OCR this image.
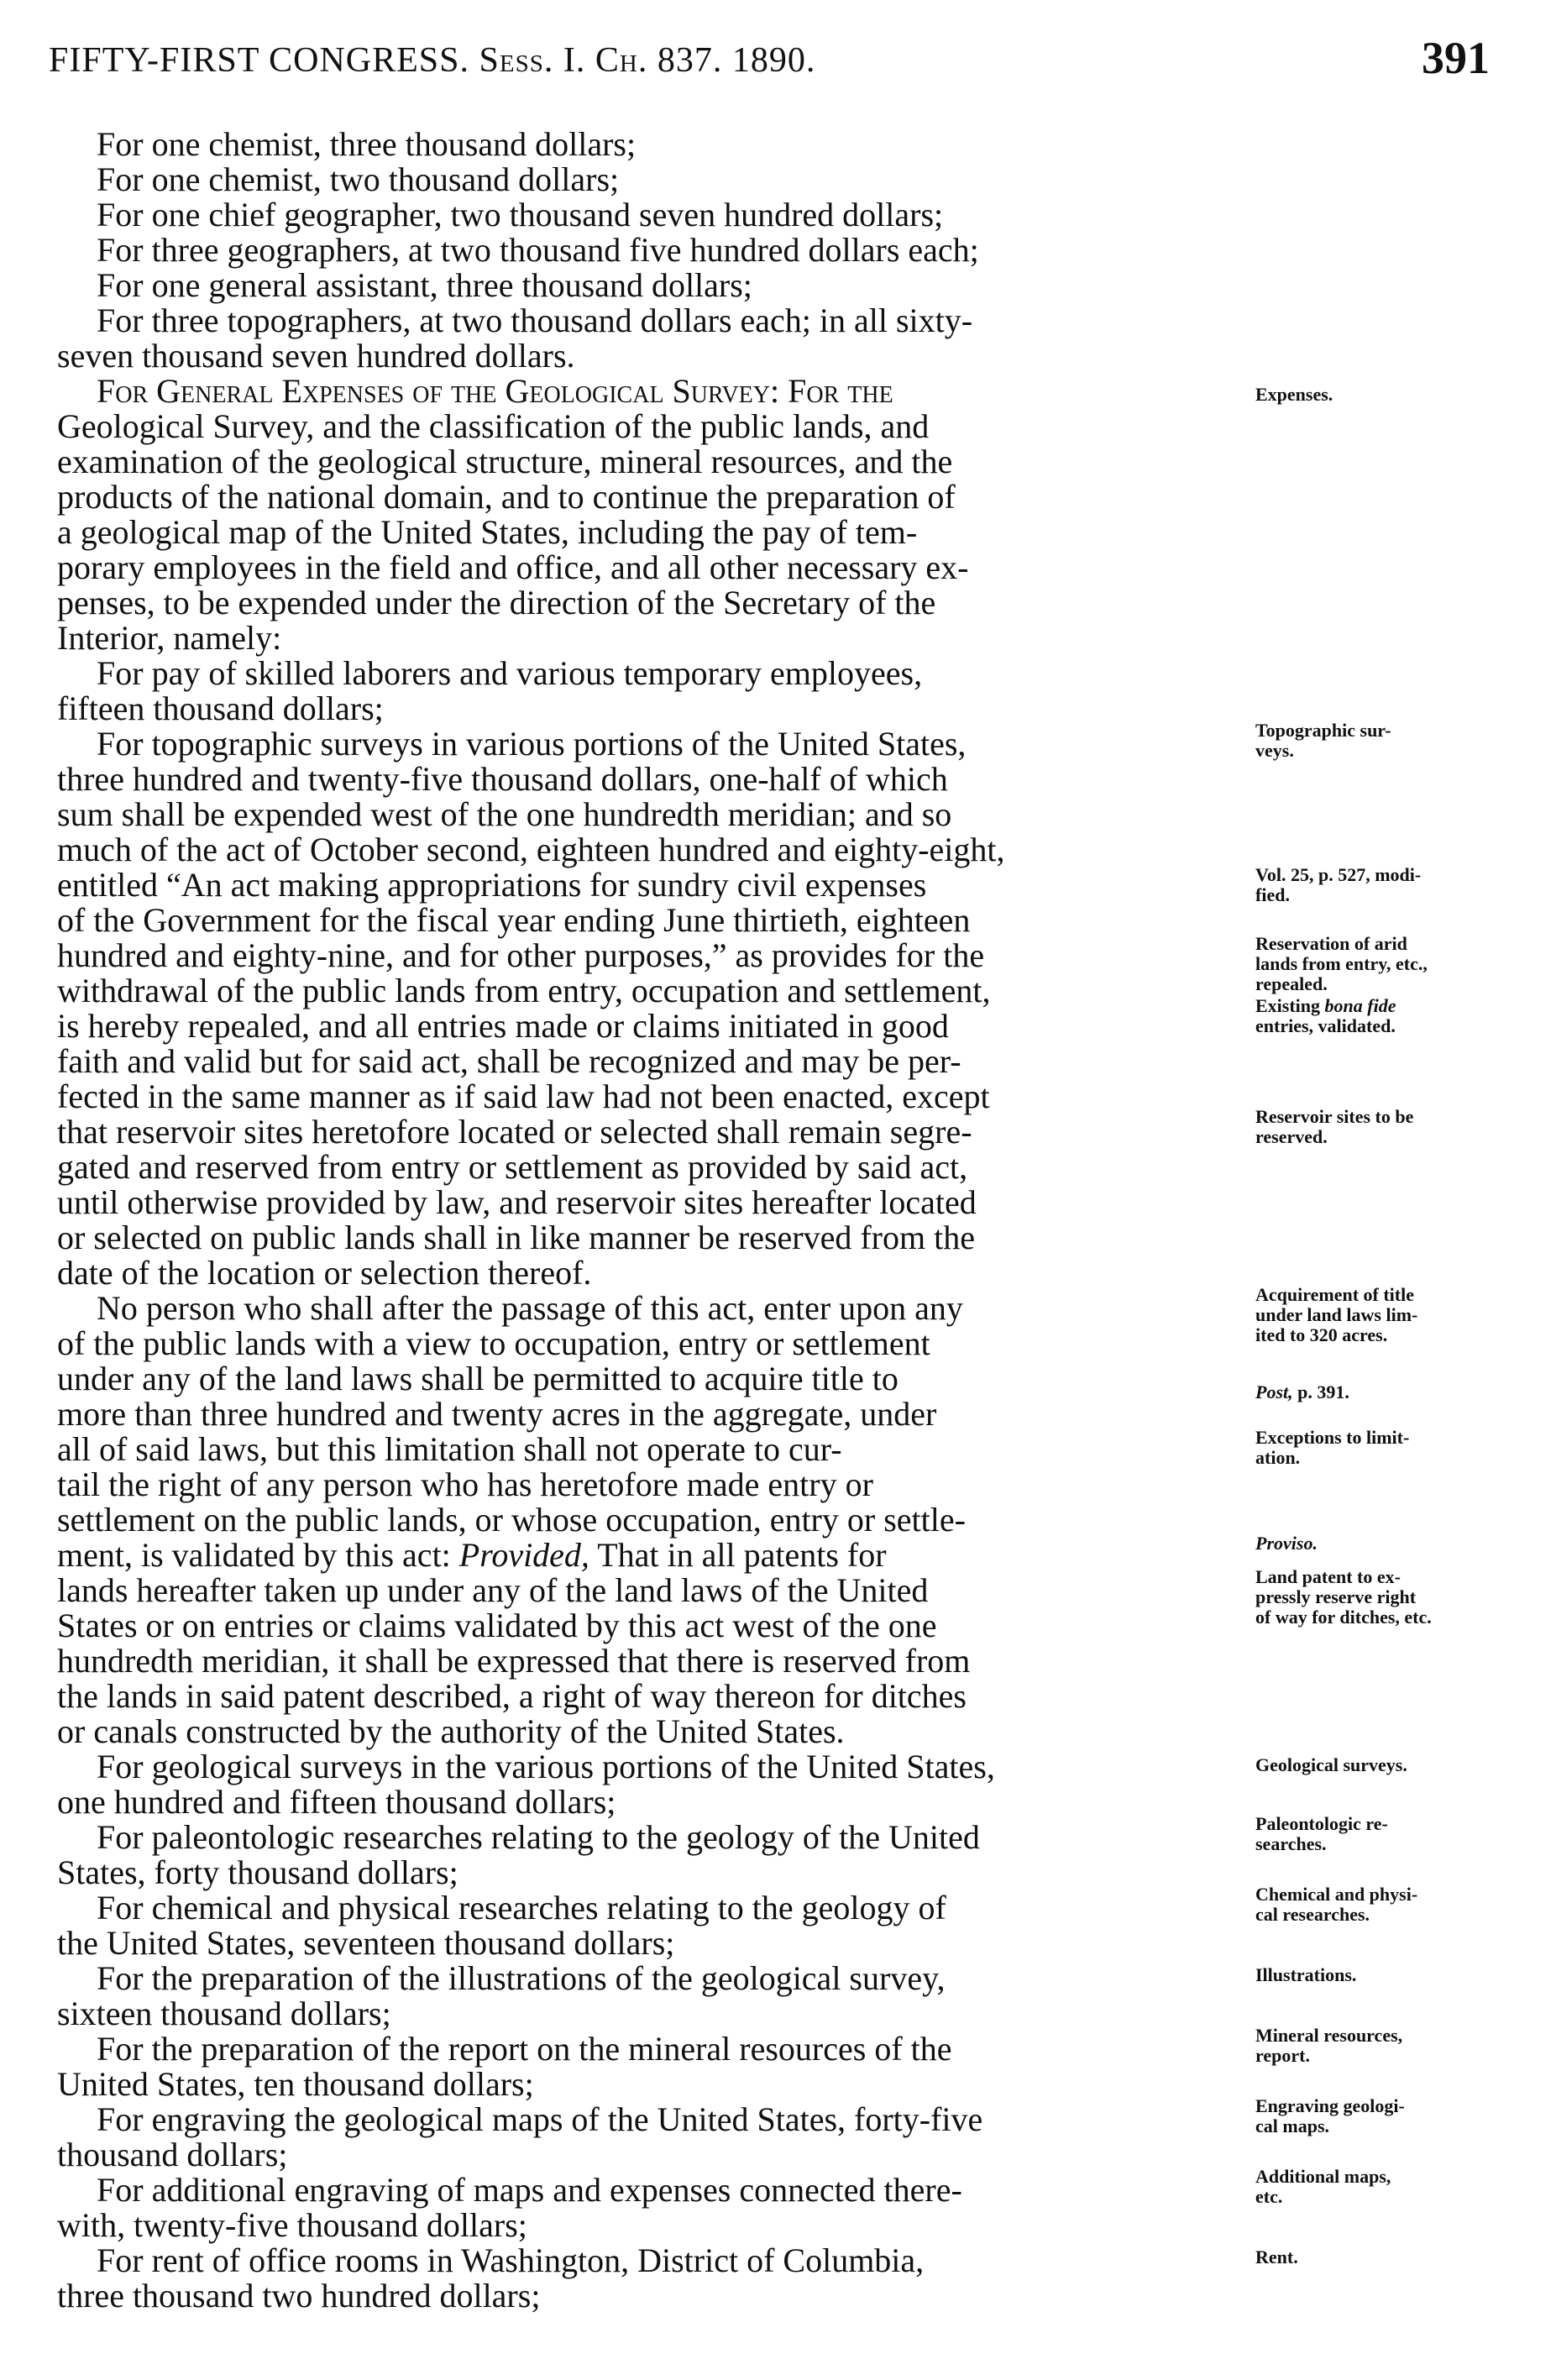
FIFTY-FIRST CONGRESS. Sess. I. Ch. 837. 1890.	391
For one chemist, three thousand dollars;
For one chemist, two thousand dollars;
For one chief geographer, two thousand seven hundred dollars;
For three geographers, at two thousand five hundred dollars each;
For one general assistant, three thousand dollars;
For three topographers, at two thousand dollars each; in all sixty-
seven thousand seven hundred dollars.
For General Expenses of the Geological Survey: For the
Geological Survey, and the classification of the public lands, and
examination of the geological structure, mineral resources, and the
products of the national domain, and to continue the preparation of
a geological map of the United States, including the pay of tem-
porary employees in the field and office, and all other necessary ex-
penses, to be expended under the direction of the Secretary of the
Interior, namely:
For pay of skilled laborers and various temporary employees,
fifteen thousand dollars;
For topographic surveys in various portions of the United States,
three hundred and twenty-five thousand dollars, one-half of which
sum shall be expended west of the one hundredth meridian; and so
much of the act of October second, eighteen hundred and eighty-eight,
entitled “An act making appropriations for sundry civil expenses
of the Government for the fiscal year ending June thirtieth, eighteen
hundred and eighty-nine, and for other purposes,” as provides for the
withdrawal of the public lands from entry, occupation and settlement,
is hereby repealed, and all entries made or claims initiated in good
faith and valid but for said act, shall be recognized and may be per-
fected in the same manner as if said law had not been enacted, except
that reservoir sites heretofore located or selected shall remain segre-
gated and reserved from entry or settlement as provided by said act,
until otherwise provided by law, and reservoir sites hereafter located
or selected on public lands shall in like manner be reserved from the
date of the location or selection thereof.
No person who shall after the passage of this act, enter upon any
of the public lands with a view to occupation, entry or settlement
under any of the land laws shall be permitted to acquire title to
more than three hundred and twenty acres in the aggregate, under
all of said laws, but this limitation shall not operate to cur-
tail the right of any person who has heretofore made entry or
settlement on the public lands, or whose occupation, entry or settle-
ment, is validated by this act: Provided, That in all patents for
lands hereafter taken up under any of the land laws of the United
States or on entries or claims validated by this act west of the one
hundredth meridian, it shall be expressed that there is reserved from
the lands in said patent described, a right of way thereon for ditches
or canals constructed by the authority of the United States.
For geological surveys in the various portions of the United States,
one hundred and fifteen thousand dollars;
For paleontologic researches relating to the geology of the United
States, forty thousand dollars;
For chemical and physical researches relating to the geology of
the United States, seventeen thousand dollars;
For the preparation of the illustrations of the geological survey,
sixteen thousand dollars;
For the preparation of the report on the mineral resources of the
United States, ten thousand dollars;
For engraving the geological maps of the United States, forty-five
thousand dollars;
For additional engraving of maps and expenses connected there-
with, twenty-five thousand dollars;
For rent of office rooms in Washington, District of Columbia,
three thousand two hundred dollars;
Expenses.
Topographic sur-
veys.
Vol. 25, p. 527, modi-
fied.
Reservation of arid
lands from entry, etc.,
repealed.
Existing bona fide
entries, validated.
Reservoir sites to be
reserved.
Acquirement of title
under land laws lim-
ited to 320 acres.
Post, p. 391.
Exceptions to limit-
ation.
Proviso.
Land patent to ex-
pressly reserve right
of way for ditches, etc.
Geological surveys.
Paleontologic re-
searches.
Chemical and physi-
cal researches.
Illustrations.
Mineral resources,
report.
Engraving geologi-
cal maps.
Additional maps,
etc.
Rent.
